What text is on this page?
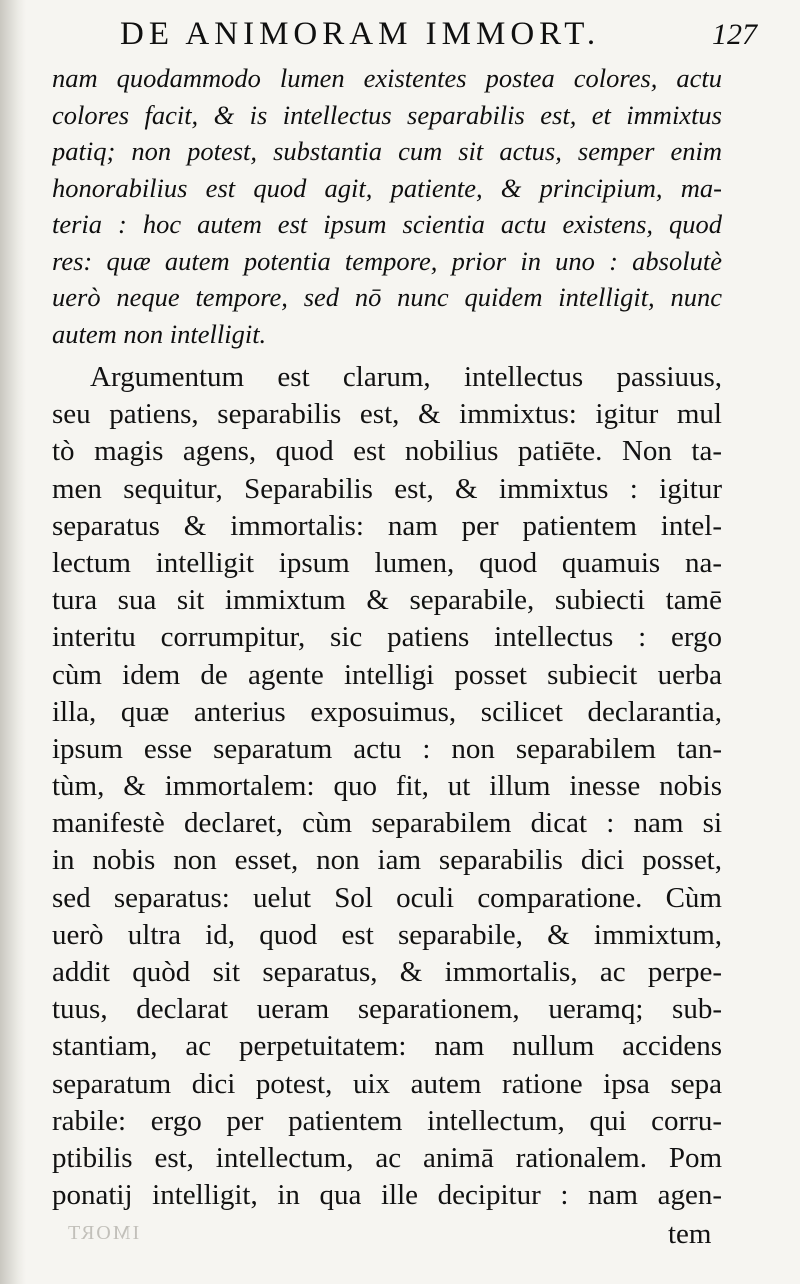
DE ANIMORAM IMMORT.	127
nam quodammodo lumen existentes postea colores, actu
colores facit, & is intellectus separabilis est, et immixtus
patiq; non potest, substantia cum sit actus, semper enim
honorabilius est quod agit, patiente, & principium, ma-
teria : hoc autem est ipsum scientia actu existens, quod
res: quæ autem potentia tempore, prior in uno : absolutè
uerò neque tempore, sed nō nunc quidem intelligit, nunc
autem non intelligit.
Argumentum est clarum, intellectus passiuus,
seu patiens, separabilis est, & immixtus: igitur mul
tò magis agens, quod est nobilius patiēte. Non ta-
men sequitur, Separabilis est, & immixtus : igitur
separatus & immortalis: nam per patientem intel-
lectum intelligit ipsum lumen, quod quamuis na-
tura sua sit immixtum & separabile, subiecti tamē
interitu corrumpitur, sic patiens intellectus : ergo
cùm idem de agente intelligi posset subiecit uerba
illa, quæ anterius exposuimus, scilicet declarantia,
ipsum esse separatum actu : non separabilem tan-
tùm, & immortalem: quo fit, ut illum inesse nobis
manifestè declaret, cùm separabilem dicat : nam si
in nobis non esset, non iam separabilis dici posset,
sed separatus: uelut Sol oculi comparatione. Cùm
uerò ultra id, quod est separabile, & immixtum,
addit quòd sit separatus, & immortalis, ac perpe-
tuus, declarat ueram separationem, ueramq; sub-
stantiam, ac perpetuitatem: nam nullum accidens
separatum dici potest, uix autem ratione ipsa sepa
rabile: ergo per patientem intellectum, qui corru-
ptibilis est, intellectum, ac animā rationalem. Pom
ponatij intelligit, in qua ille decipitur : nam agen-
IMORT	tem
